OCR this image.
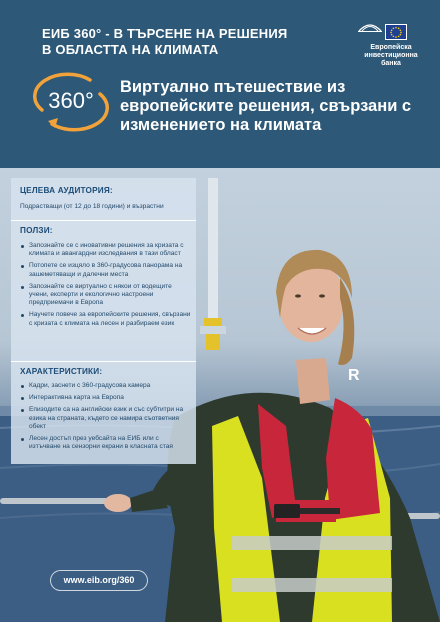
ЕИБ 360° - В ТЪРСЕНЕ НА РЕШЕНИЯ В ОБЛАСТТА НА КЛИМАТА	Европейска инвестиционна банка
360°
Виртуално пътешествие из европейските решения, свързани с изменението на климата
R
ЦЕЛЕВА АУДИТОРИЯ:
Подрастващи (от 12 до 18 години) и възрастни
ПОЛЗИ:
Запознайте се с иновативни решения за кризата с климата и авангардни изследвания в тази област
Потопете се изцяло в 360-градусова панорама на зашеметяващи и далечни места
Запознайте се виртуално с някои от водещите учени, експерти и екологично настроени предприемачи в Европа
Научете повече за европейските решения, свързани с кризата с климата на лесен и разбираем език
ХАРАКТЕРИСТИКИ:
Кадри, заснети с 360-градусова камера
Интерактивна карта на Европа
Епизодите са на английски език и със субтитри на езика на страната, където се намира съответния обект
Лесен достъп през уебсайта на ЕИБ или с изтъчване на сензорни екрани в класната стая
www.eib.org/360
